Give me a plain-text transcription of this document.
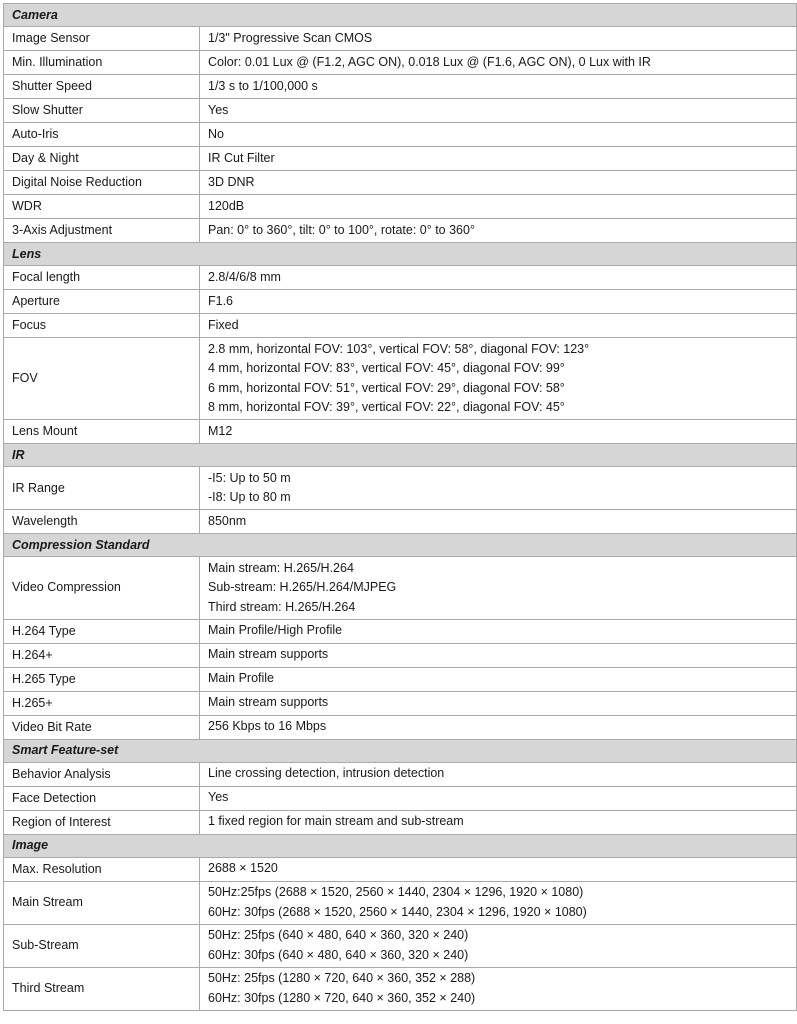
Camera	
Image Sensor	1/3" Progressive Scan CMOS

Min. Illumination	Color: 0.01 Lux @ (F1.2, AGC ON), 0.018 Lux @ (F1.6, AGC ON), 0 Lux with IR

Shutter Speed	1/3 s to 1/100,000 s

Slow Shutter	Yes

Auto-Iris	No

Day & Night	IR Cut Filter

Digital Noise Reduction	3D DNR

WDR	120dB

3-Axis Adjustment	Pan: 0° to 360°, tilt: 0° to 100°, rotate: 0° to 360°

Lens	
Focal length	2.8/4/6/8 mm

Aperture	F1.6

Focus	Fixed

FOV	2.8 mm, horizontal FOV: 103°, vertical FOV: 58°, diagonal FOV: 123°
4 mm, horizontal FOV: 83°, vertical FOV: 45°, diagonal FOV: 99°
6 mm, horizontal FOV: 51°, vertical FOV: 29°, diagonal FOV: 58°
8 mm, horizontal FOV: 39°, vertical FOV: 22°, diagonal FOV: 45°

Lens Mount	M12

IR	
IR Range	-I5: Up to 50 m
-I8: Up to 80 m

Wavelength	850nm

Compression Standard	
Video Compression	Main stream: H.265/H.264
Sub-stream: H.265/H.264/MJPEG
Third stream: H.265/H.264

H.264 Type	Main Profile/High Profile

H.264+	Main stream supports

H.265 Type	Main Profile

H.265+	Main stream supports

Video Bit Rate	256 Kbps to 16 Mbps

Smart Feature-set	
Behavior Analysis	Line crossing detection, intrusion detection

Face Detection	Yes

Region of Interest	1 fixed region for main stream and sub-stream

Image	
Max. Resolution	2688 × 1520

Main Stream	50Hz:25fps (2688 × 1520, 2560 × 1440, 2304 × 1296, 1920 × 1080)
60Hz: 30fps (2688 × 1520, 2560 × 1440, 2304 × 1296, 1920 × 1080)

Sub-Stream	50Hz: 25fps (640 × 480, 640 × 360, 320 × 240)
60Hz: 30fps (640 × 480, 640 × 360, 320 × 240)

Third Stream	50Hz: 25fps (1280 × 720, 640 × 360, 352 × 288)
60Hz: 30fps (1280 × 720, 640 × 360, 352 × 240)
